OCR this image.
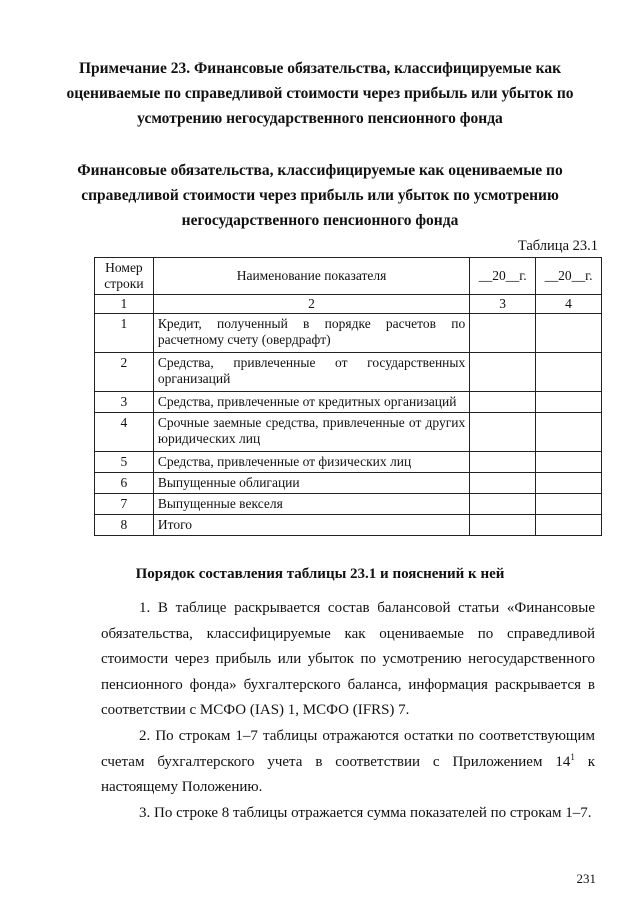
Примечание 23. Финансовые обязательства, классифицируемые как оцениваемые по справедливой стоимости через прибыль или убыток по усмотрению негосударственного пенсионного фонда
Финансовые обязательства, классифицируемые как оцениваемые по справедливой стоимости через прибыль или убыток по усмотрению негосударственного пенсионного фонда
Таблица 23.1
Номер строки	Наименование показателя	__20__г.	__20__г.
1	2	3	4
1	Кредит, полученный в порядке расчетов по расчетному счету (овердрафт)		
2	Средства, привлеченные от государственных организаций		
3	Средства, привлеченные от кредитных организаций		
4	Срочные заемные средства, привлеченные от других юридических лиц		
5	Средства, привлеченные от физических лиц		
6	Выпущенные облигации		
7	Выпущенные векселя		
8	Итого		
Порядок составления таблицы 23.1 и пояснений к ней

1. В таблице раскрывается состав балансовой статьи «Финансовые обязательства, классифицируемые как оцениваемые по справедливой стоимости через прибыль или убыток по усмотрению негосударственного пенсионного фонда» бухгалтерского баланса, информация раскрывается в соответствии с МСФО (IAS) 1, МСФО (IFRS) 7.

2. По строкам 1–7 таблицы отражаются остатки по соответствующим счетам бухгалтерского учета в соответствии с Приложением $14^1$ к настоящему Положению.

3. По строке 8 таблицы отражается сумма показателей по строкам 1–7.

231
